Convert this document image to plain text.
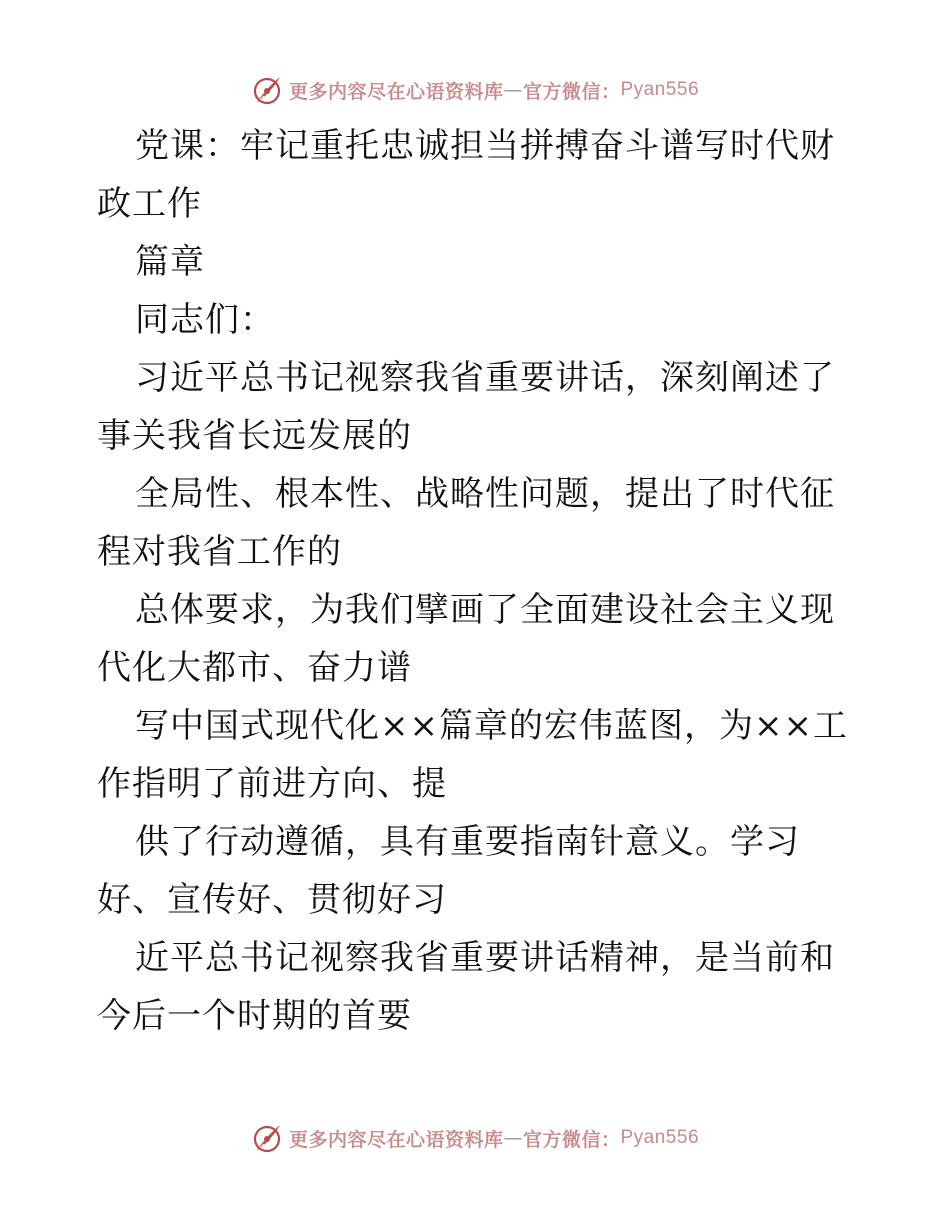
更多内容尽在心语资料库 — 官方微信： Pyan556

党课：牢记重托忠诚担当拼搏奋斗谱写时代财政工作

篇章

同志们：

习近平总书记视察我省重要讲话，深刻阐述了事关我省长远发展的

全局性、根本性、战略性问题，提出了时代征程对我省工作的

总体要求，为我们擘画了全面建设社会主义现代化大都市、奋力谱

写中国式现代化××篇章的宏伟蓝图，为××工作指明了前进方向、提

供了行动遵循，具有重要指南针意义。学习好、宣传好、贯彻好习

近平总书记视察我省重要讲话精神，是当前和今后一个时期的首要

更多内容尽在心语资料库 — 官方微信： Pyan556
